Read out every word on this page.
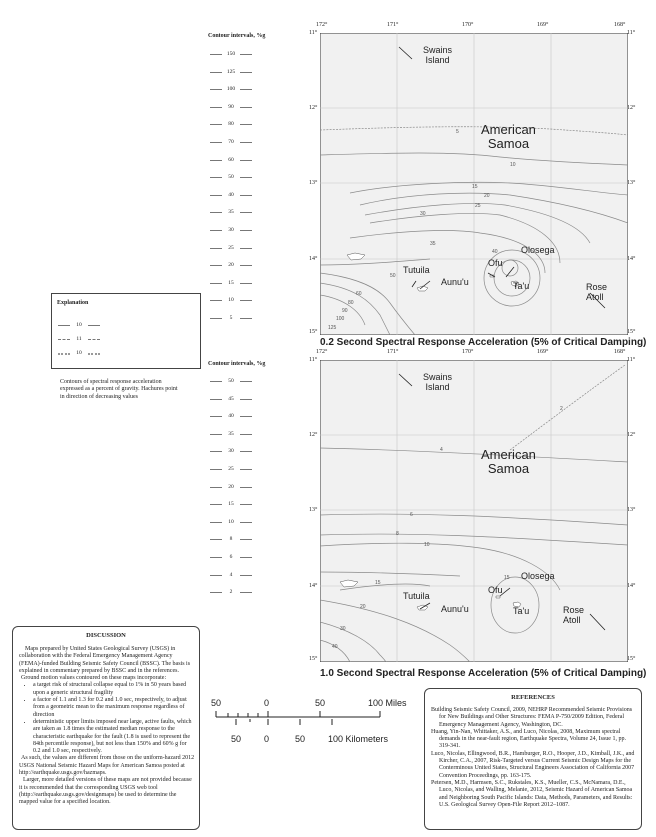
Contour intervals, %g
150
125
100
90
80
70
60
50
40
35
30
25
20
15
10
5
Contour intervals, %g
50
45
40
35
30
25
20
15
10
8
6
4
2
Explanation
10
11
10
Contours of spectral response acceleration expressed as a percent of gravity. Hachures point in direction of decreasing values
172°	171°	170°	169°	168°
5
10
15
20
25
30
35
40
50
60
80
90
100
125
11°
12°
13°
14°
15°
11°
12°
13°
14°
15°
Swains
Island
American
Samoa
Olosega
Ofu
Tutuila
Aunu'u	Ta'u	Rose
Atoll
0.2 Second Spectral Response Acceleration (5% of Critical Damping)
172°	171°	170°	169°	168°
2
4
6
8
10
15
20
30
40
15
11°
12°
13°
14°
15°
11°
12°
13°
14°
15°
Swains
Island
American
Samoa
Olosega
Ofu
Tutuila
Aunu'u	Ta'u	Rose
Atoll
1.0 Second Spectral Response Acceleration (5% of Critical Damping)
50	0	50	100 Miles
50	0	50	100 Kilometers
DISCUSSION
Maps prepared by United States Geological Survey (USGS) in collaboration with the Federal Emergency Management Agency (FEMA)-funded Building Seismic Safety Council (BSSC). The basis is explained in commentary prepared by BSSC and in the references.
Ground motion values contoured on these maps incorporate:
• a target risk of structural collapse equal to 1% in 50 years based upon a generic structural fragility
• a factor of 1.1 and 1.3 for 0.2 and 1.0 sec, respectively, to adjust from a geometric mean to the maximum response regardless of direction
• deterministic upper limits imposed near large, active faults, which are taken as 1.8 times the estimated median response to the characteristic earthquake for the fault (1.8 is used to represent the 84th percentile response), but not less than 150% and 60% g for 0.2 and 1.0 sec, respectively.
As such, the values are different from those on the uniform-hazard 2012 USGS National Seismic Hazard Maps for American Samoa posted at http://earthquake.usgs.gov/hazmaps.
Larger, more detailed versions of these maps are not provided because it is recommended that the corresponding USGS web tool (http://earthquake.usgs.gov/designmaps) be used to determine the mapped value for a specified location.
REFERENCES
Building Seismic Safety Council, 2009, NEHRP Recommended Seismic Provisions for New Buildings and Other Structures: FEMA P-750/2009 Edition, Federal Emergency Management Agency, Washington, DC.
Huang, Yin-Nan, Whittaker, A.S., and Luco, Nicolas, 2008, Maximum spectral demands in the near-fault region, Earthquake Spectra, Volume 24, Issue 1, pp. 319-341.
Luco, Nicolas, Ellingwood, B.R., Hamburger, R.O., Hooper, J.D., Kimball, J.K., and Kircher, C.A., 2007, Risk-Targeted versus Current Seismic Design Maps for the Conterminous United States, Structural Engineers Association of California 2007 Convention Proceedings, pp. 163-175.
Petersen, M.D., Harmsen, S.C., Rukstales, K.S., Mueller, C.S., McNamara, D.E., Luco, Nicolas, and Walling, Melanie, 2012, Seismic Hazard of American Samoa and Neighboring South Pacific Islands: Data, Methods, Parameters, and Results: U.S. Geological Survey Open-File Report 2012–1087.
